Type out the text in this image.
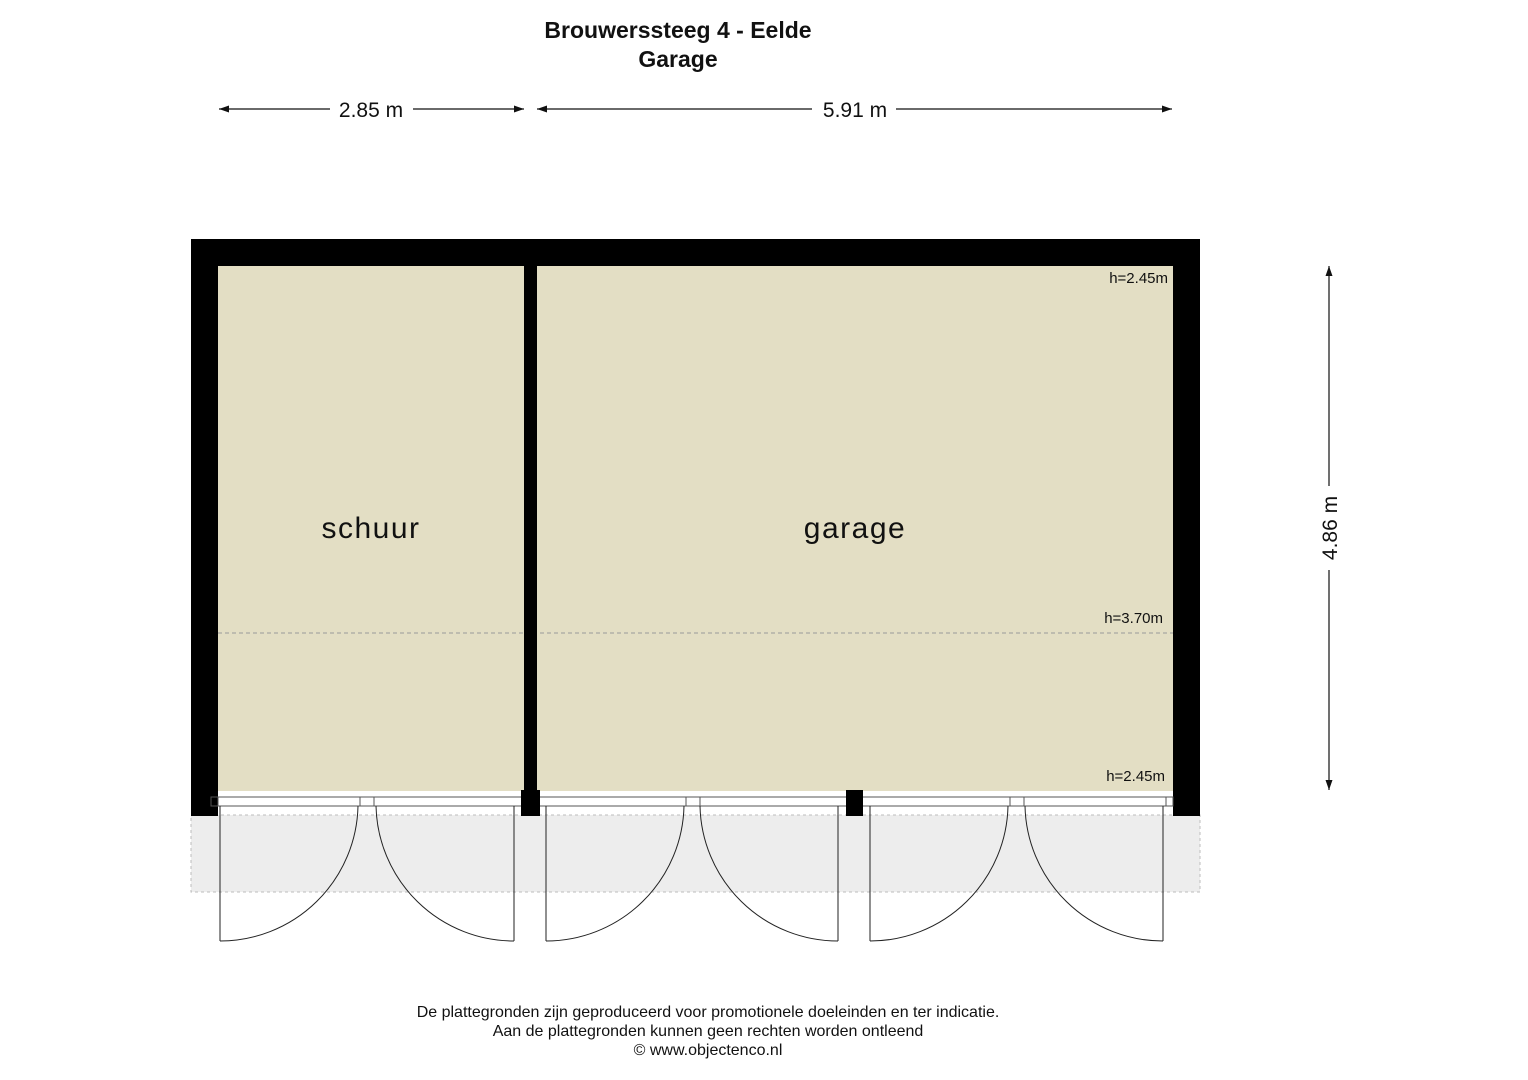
Brouwerssteeg 4 - Eelde
Garage
2.85 m	5.91 m
4.86 m
schuur	garage
h=2.45m
h=3.70m
h=2.45m
De plattegronden zijn geproduceerd voor promotionele doeleinden en ter indicatie.
Aan de plattegronden kunnen geen rechten worden ontleend
© www.objectenco.nl
